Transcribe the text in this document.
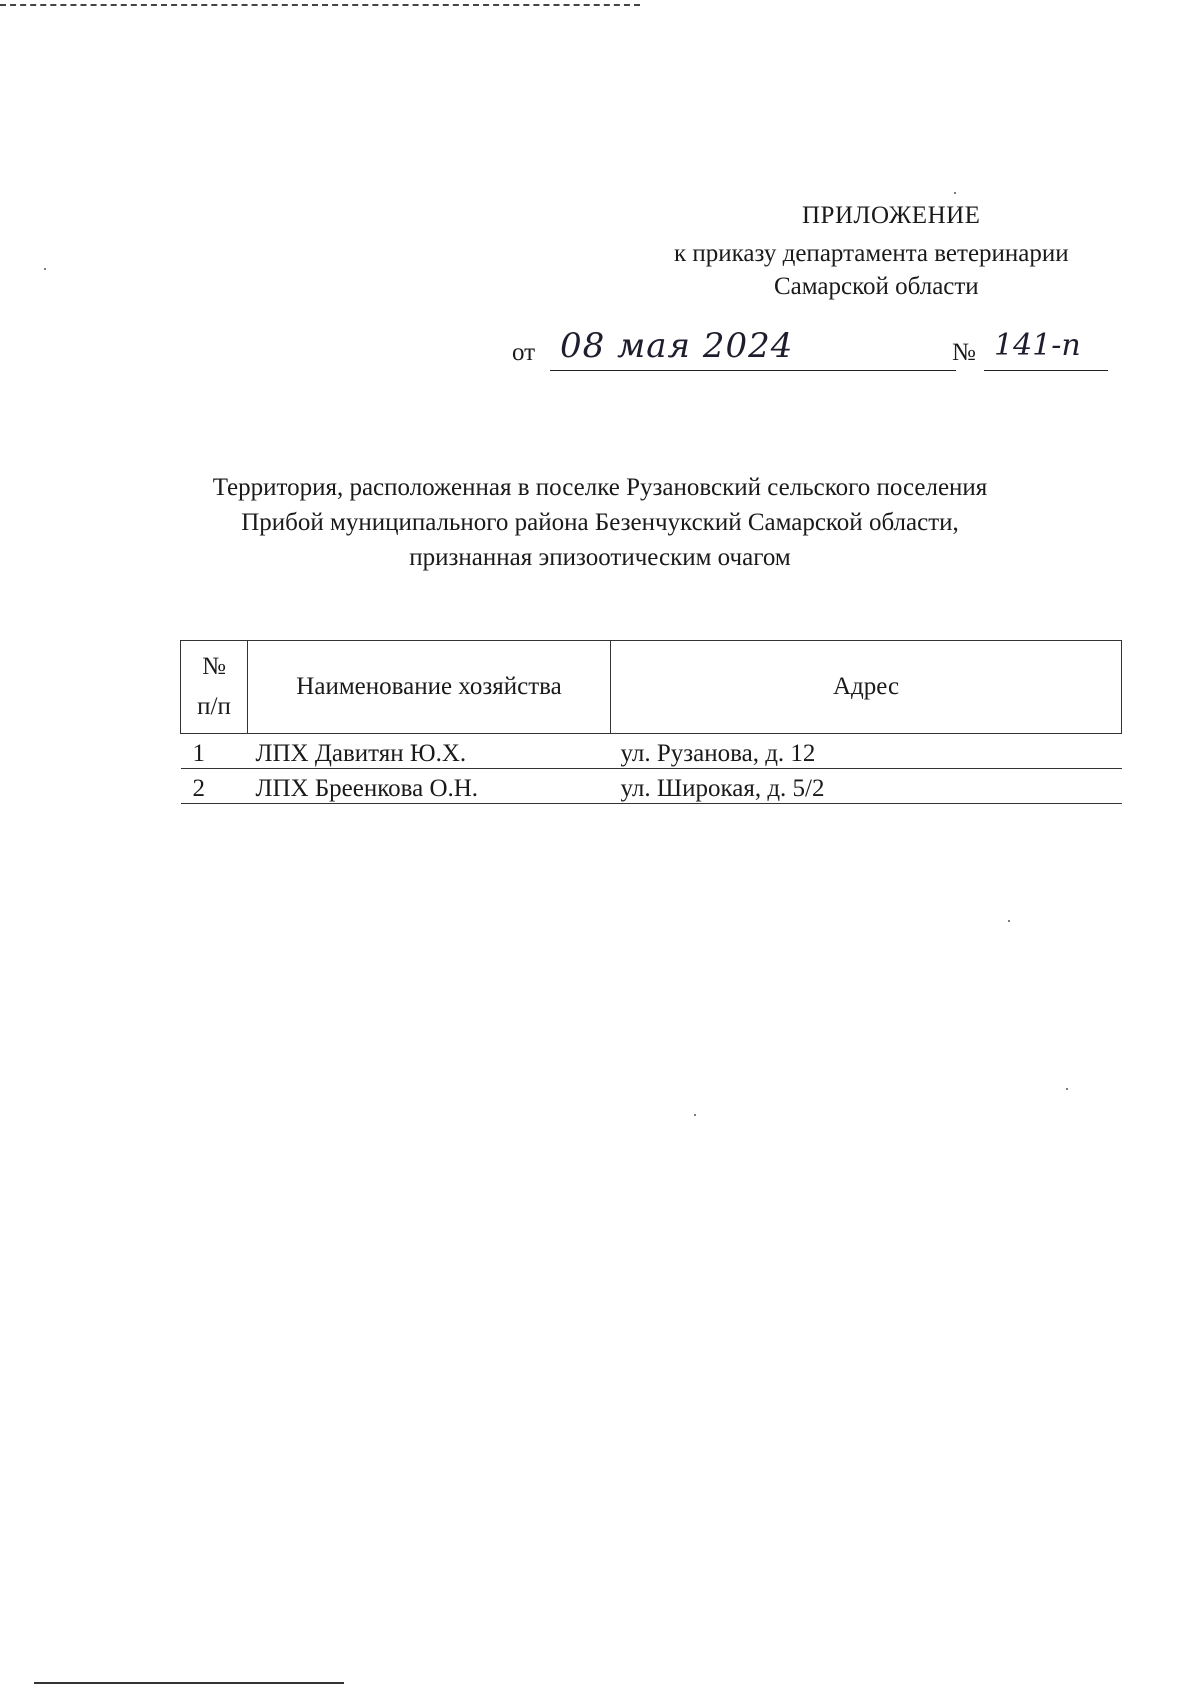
ПРИЛОЖЕНИЕ
к приказу департамента ветеринарии
Самарской области
от 08 мая 2024	№ 141-п
Территория, расположенная в поселке Рузановский сельского поселения
Прибой муниципального района Безенчукский Самарской области,
признанная эпизоотическим очагом
№
п/п	Наименование хозяйства	Адрес
1	ЛПХ Давитян Ю.Х.	ул. Рузанова, д. 12
2	ЛПХ Бреенкова О.Н.	ул. Широкая, д. 5/2
